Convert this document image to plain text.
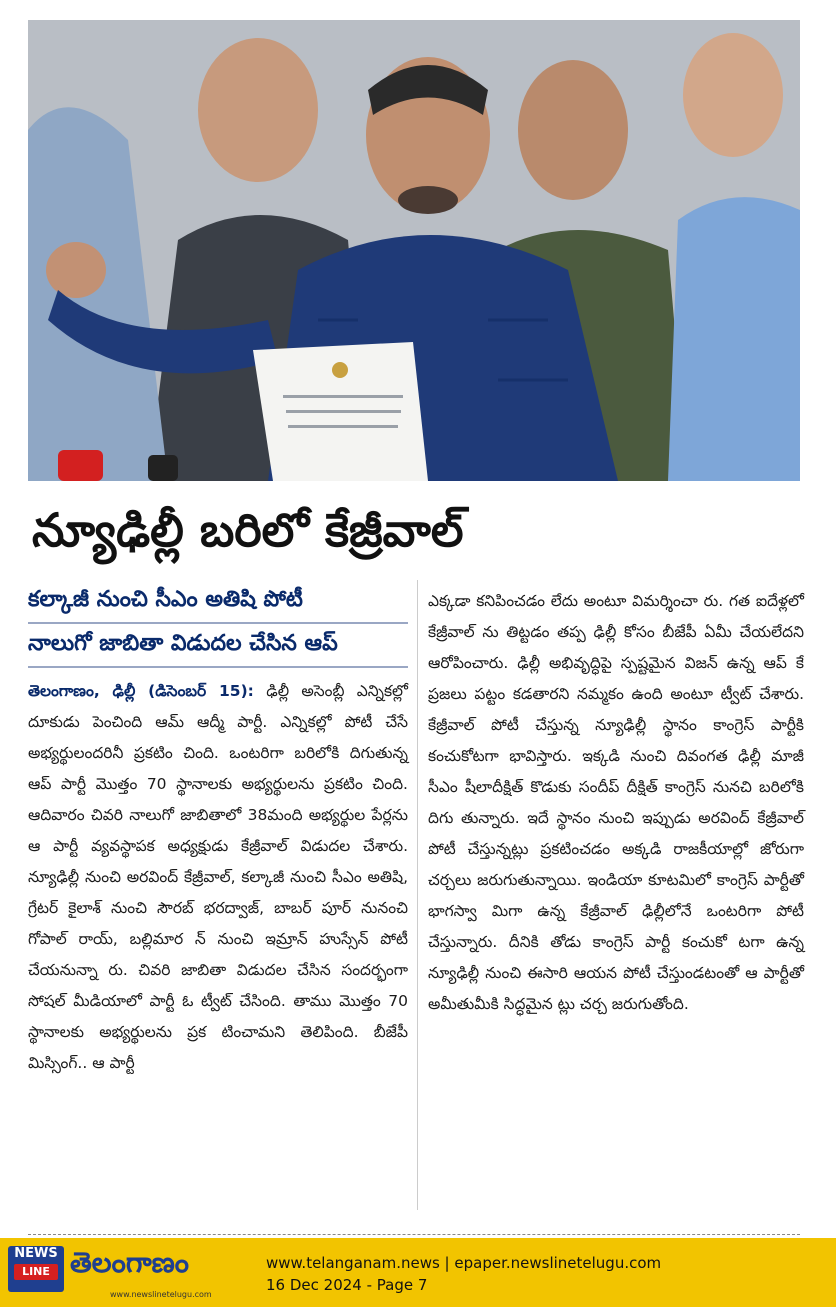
న్యూఢిల్లీ బరిలో కేజ్రీవాల్
కల్కాజీ నుంచి సీఎం అతిషి పోటీ
నాలుగో జాబితా విడుదల చేసిన ఆప్

తెలంగాణం, ఢిల్లీ (డిసెంబర్ 15): ఢిల్లీ అసెంబ్లీ ఎన్నికల్లో దూకుడు పెంచింది ఆమ్ ఆద్మీ పార్టీ. ఎన్నికల్లో పోటీ చేసే అభ్యర్థులందరినీ ప్రకటిం చింది. ఒంటరిగా బరిలోకి దిగుతున్న ఆప్ పార్టీ మొత్తం 70 స్థానాలకు అభ్యర్థులను ప్రకటిం చింది. ఆదివారం చివరి నాలుగో జాబితాలో 38మంది అభ్యర్థుల పేర్లను ఆ పార్టీ వ్యవస్థాపక అధ్యక్షుడు కేజ్రీవాల్ విడుదల చేశారు. న్యూఢిల్లీ నుంచి అరవింద్ కేజ్రీవాల్, కల్కాజీ నుంచి సీఎం అతిషి, గ్రేటర్ కైలాశ్ నుంచి సౌరబ్ భరద్వాజ్, బాబర్ పూర్ నునంచి గోపాల్ రాయ్, బల్లిమార న్ నుంచి ఇమ్రాన్ హుస్సేన్ పోటీ చేయనున్నా రు. చివరి జాబితా విడుదల చేసిన సందర్భంగా సోషల్ మీడియాలో పార్టీ ఓ ట్వీట్ చేసింది. తాము మొత్తం 70 స్థానాలకు అభ్యర్థులను ప్రక టించామని తెలిపింది. బీజేపీ మిస్సింగ్.. ఆ పార్టీ

ఎక్కడా కనిపించడం లేదు అంటూ విమర్శించా రు. గత ఐదేళ్లలో కేజ్రీవాల్ ను తిట్టడం తప్ప ఢిల్లీ కోసం బీజేపీ ఏమీ చేయలేదని ఆరోపించారు. ఢిల్లీ అభివృద్ధిపై స్పష్టమైన విజన్ ఉన్న ఆప్ కే ప్రజలు పట్టం కడతారని నమ్మకం ఉంది అంటూ ట్వీట్ చేశారు. కేజ్రీవాల్ పోటీ చేస్తున్న న్యూఢిల్లీ స్థానం కాంగ్రెస్ పార్టీకి కంచుకోటగా భావిస్తారు. ఇక్కడి నుంచి దివంగత ఢిల్లీ మాజీ సీఎం షీలాదీక్షిత్ కొడుకు సందీప్ దీక్షిత్ కాంగ్రెస్ నునచి బరిలోకి దిగు తున్నారు. ఇదే స్థానం నుంచి ఇప్పుడు అరవింద్ కేజ్రీవాల్ పోటీ చేస్తున్నట్లు ప్రకటించడం అక్కడి రాజకీయాల్లో జోరుగా చర్చలు జరుగుతున్నాయి. ఇండియా కూటమిలో కాంగ్రెస్ పార్టీతో భాగస్వా మిగా ఉన్న కేజ్రీవాల్ ఢిల్లీలోనే ఒంటరిగా పోటీ చేస్తున్నారు. దీనికి తోడు కాంగ్రెస్ పార్టీ కంచుకో టగా ఉన్న న్యూఢిల్లీ నుంచి ఈసారి ఆయన పోటీ చేస్తుండటంతో ఆ పార్టీతో అమీతుమీకి సిద్ధమైన ట్లు చర్చ జరుగుతోంది.

NEWS
LINE తెలంగాణం
www.newslinetelugu.com
www.telanganam.news | epaper.newslinetelugu.com
16 Dec 2024 - Page 7
